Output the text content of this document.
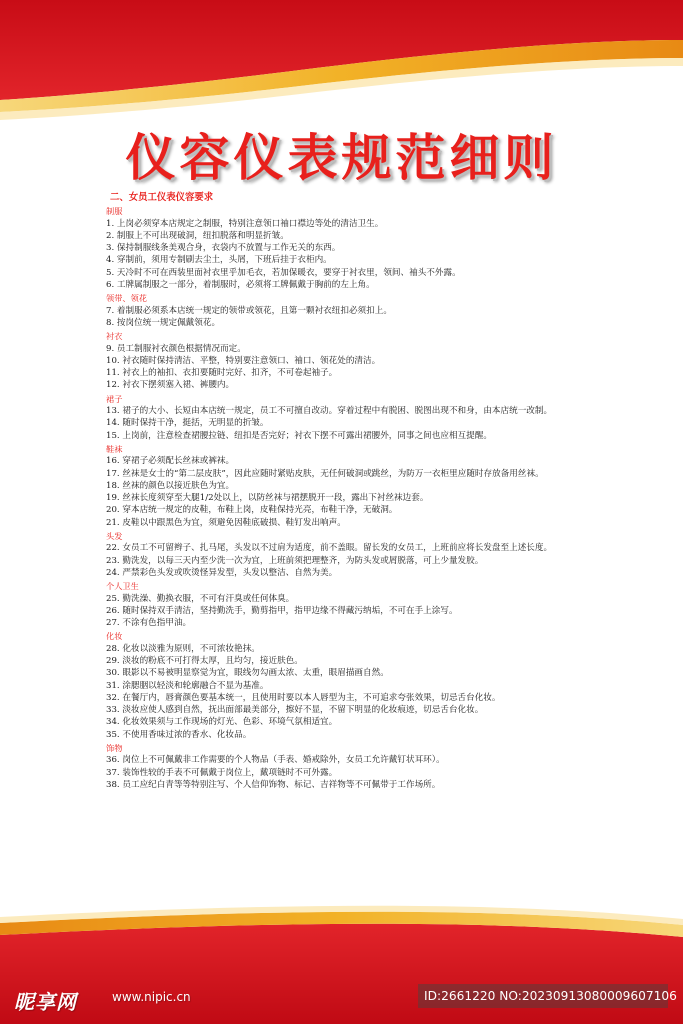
仪容仪表规范细则
二、女员工仪表仪容要求
制服
1. 上岗必须穿本店规定之制服，特别注意领口袖口襟边等处的清洁卫生。
2. 制服上不可出现破洞，纽扣脱落和明显折皱。
3. 保持制服线条美观合身，衣袋内不放置与工作无关的东西。
4. 穿制前，须用专制刷去尘土，头屑，下班后挂于衣柜内。
5. 天冷时不可在西装里面衬衣里乎加毛衣，若加保暖衣，要穿于衬衣里，领间、袖头不外露。
6. 工牌属制服之一部分，着制服时，必须将工牌佩戴于胸前的左上角。
领带、领花
7. 着制服必须系本店统一规定的领带或领花，且第一颗衬衣纽扣必须扣上。
8. 按岗位统一规定佩戴领花。
衬衣
9. 员工制服衬衣颜色根据情况而定。
10. 衬衣随时保持清洁、平整，特别要注意领口、袖口、领花处的清洁。
11. 衬衣上的袖扣、衣扣要随时完好、扣齐，不可卷起袖子。
12. 衬衣下摆须塞入裙、裤腰内。
裙子
13. 裙子的大小、长短由本店统一规定，员工不可擅自改动。穿着过程中有脱困、脱图出现不和身，由本店统一改制。
14. 随时保持干净，挺括，无明显的折皱。
15. 上岗前，注意检查裙腰拉链、纽扣是否完好；衬衣下摆不可露出裙腰外，同事之间也应相互提醒。
鞋袜
16. 穿裙子必须配长丝袜或裤袜。
17. 丝袜是女士的“第二层皮肤”，因此应随时紧贴皮肤，无任何破洞或跳丝，为防万一衣柜里应随时存放备用丝袜。
18. 丝袜的颜色以接近肤色为宜。
19. 丝袜长度须穿至大腿1/2处以上，以防丝袜与裙摆脱开一段，露出下衬丝袜边套。
20. 穿本店统一规定的皮鞋，布鞋上岗，皮鞋保持光亮，布鞋干净，无破洞。
21. 皮鞋以中跟黑色为宜，须避免因鞋底破损、鞋钉发出响声。
头发
22. 女员工不可留辫子、扎马尾，头发以不过肩为适度，前不盖眼。留长发的女员工，上班前应将长发盘至上述长度。
23. 勤洗发，以每三天内至少洗一次为宜，上班前须把理整齐，为防头发或屑脱落，可上少量发胶。
24. 严禁彩色头发或吹烫怪异发型，头发以整洁、自然为美。
个人卫生
25. 勤洗澡、勤换衣服，不可有汗臭或任何体臭。
26. 随时保持双手清洁，坚持勤洗手，勤剪指甲，指甲边缘不得藏污纳垢，不可在手上涂写。
27. 不涂有色指甲油。
化妆
28. 化妆以淡雅为原则，不可浓妆艳抹。
29. 淡妆的粉底不可打得太厚，且均匀，接近肤色。
30. 眼影以不易被明显察觉为宜，眼线勿勾画太浓、太重，眼眉描画自然。
31. 涂腮胭以轻淡和轮廓融合不显为基准。
32. 在餐厅内，唇膏颜色要基本统一，且使用时要以本人唇型为主，不可追求夸张效果，切忌舌台化妆。
33. 淡妆应使人感到自然，抚出面部最美部分，擦好不显，不留下明显的化妆痕迹，切忌舌台化妆。
34. 化妆效果须与工作现场的灯光、色彩、环境气氛相适宜。
35. 不使用香味过浓的香水、化妆品。
饰物
36. 岗位上不可佩戴非工作需要的个人物品（手表、婚戒除外，女员工允许戴钉状耳环）。
37. 装饰性较的手表不可佩戴于岗位上，戴项链时不可外露。
38. 员工应纪白青等等特别注写、个人信仰饰物、标记、吉祥物等不可佩带于工作场所。
昵享网	www.nipic.cn	ID:2661220 NO:20230913080009607106
